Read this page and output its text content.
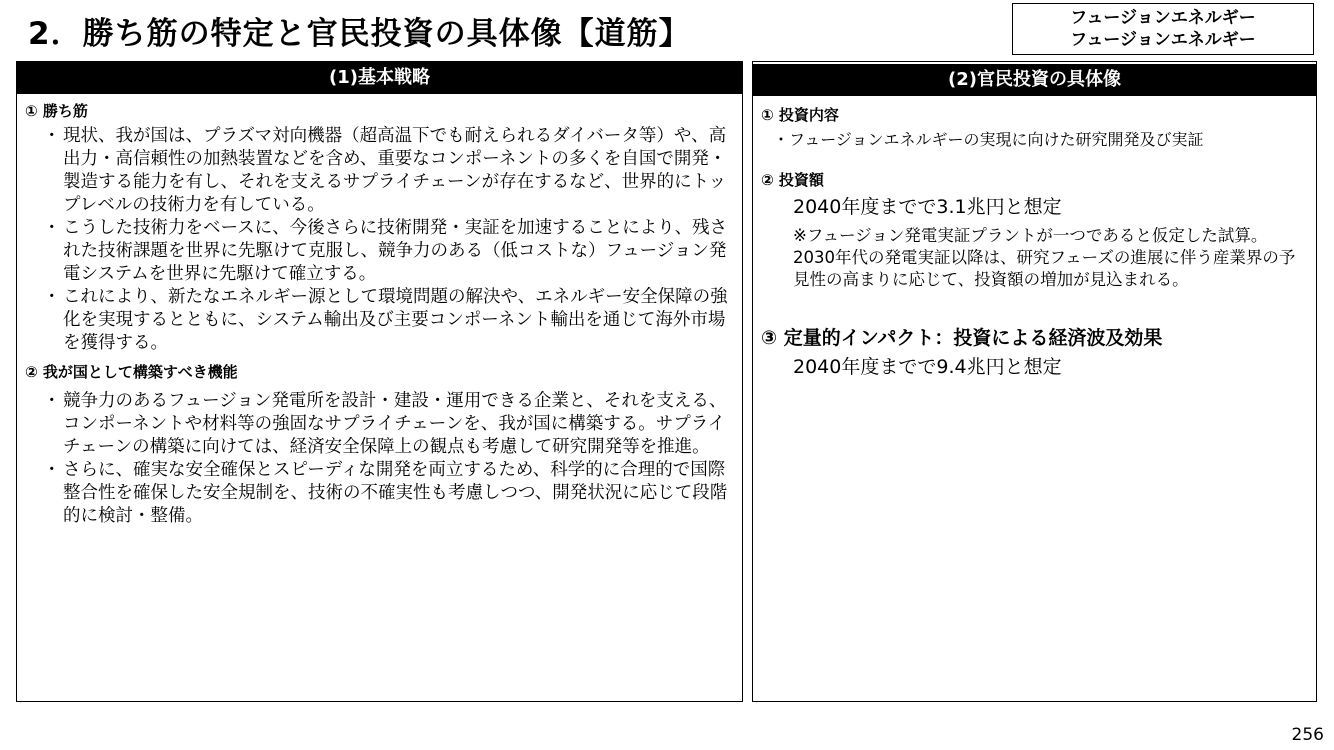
2．勝ち筋の特定と官民投資の具体像【道筋】	フュージョンエネルギー
フュージョンエネルギー
(1)基本戦略
① 勝ち筋
・ 現状、我が国は、プラズマ対向機器（超高温下でも耐えられるダイバータ等）や、高出力・高信頼性の加熱装置などを含め、重要なコンポーネントの多くを自国で開発・製造する能力を有し、それを支えるサプライチェーンが存在するなど、世界的にトップレベルの技術力を有している。
・ こうした技術力をベースに、今後さらに技術開発・実証を加速することにより、残された技術課題を世界に先駆けて克服し、競争力のある（低コストな）フュージョン発電システムを世界に先駆けて確立する。
・ これにより、新たなエネルギー源として環境問題の解決や、エネルギー安全保障の強化を実現するとともに、システム輸出及び主要コンポーネント輸出を通じて海外市場を獲得する。
② 我が国として構築すべき機能
・ 競争力のあるフュージョン発電所を設計・建設・運用できる企業と、それを支える、コンポーネントや材料等の強固なサプライチェーンを、我が国に構築する。サプライチェーンの構築に向けては、経済安全保障上の観点も考慮して研究開発等を推進。
・ さらに、確実な安全確保とスピーディな開発を両立するため、科学的に合理的で国際整合性を確保した安全規制を、技術の不確実性も考慮しつつ、開発状況に応じて段階的に検討・整備。
(2)官民投資の具体像
① 投資内容
・ フュージョンエネルギーの実現に向けた研究開発及び実証
② 投資額
2040年度までで3.1兆円と想定
※フュージョン発電実証プラントが一つであると仮定した試算。2030年代の発電実証以降は、研究フェーズの進展に伴う産業界の予見性の高まりに応じて、投資額の増加が見込まれる。
③ 定量的インパクト：投資による経済波及効果
2040年度までで9.4兆円と想定
256
